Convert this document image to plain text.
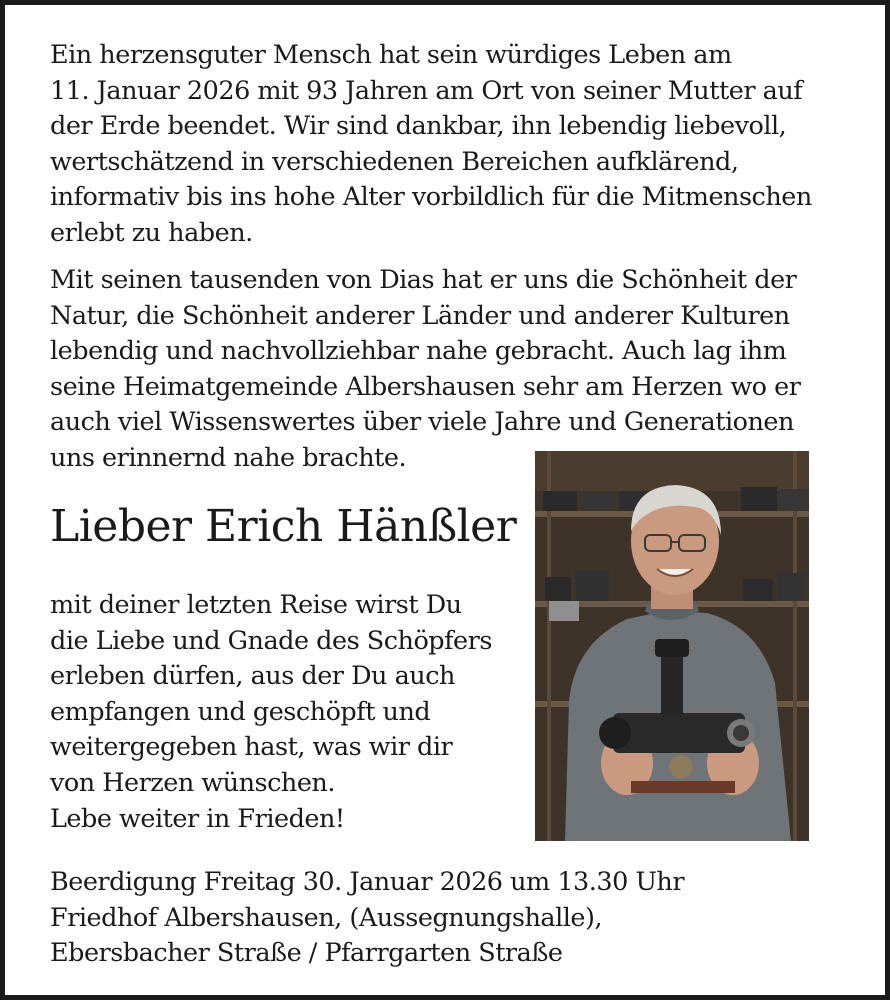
Ein herzensguter Mensch hat sein würdiges Leben am
11. Januar 2026 mit 93 Jahren am Ort von seiner Mutter auf
der Erde beendet. Wir sind dankbar, ihn lebendig liebevoll,
wertschätzend in verschiedenen Bereichen aufklärend,
informativ bis ins hohe Alter vorbildlich für die Mitmenschen
erlebt zu haben.

Mit seinen tausenden von Dias hat er uns die Schönheit der
Natur, die Schönheit anderer Länder und anderer Kulturen
lebendig und nachvollziehbar nahe gebracht. Auch lag ihm
seine Heimatgemeinde Albershausen sehr am Herzen wo er
auch viel Wissenswertes über viele Jahre und Generationen
uns erinnernd nahe brachte.

Lieber Erich Hänßler

mit deiner letzten Reise wirst Du
die Liebe und Gnade des Schöpfers
erleben dürfen, aus der Du auch
empfangen und geschöpft und
weitergegeben hast, was wir dir
von Herzen wünschen.
Lebe weiter in Frieden!

Beerdigung Freitag 30. Januar 2026 um 13.30 Uhr
Friedhof Albershausen, (Aussegnungshalle),
Ebersbacher Straße / Pfarrgarten Straße
